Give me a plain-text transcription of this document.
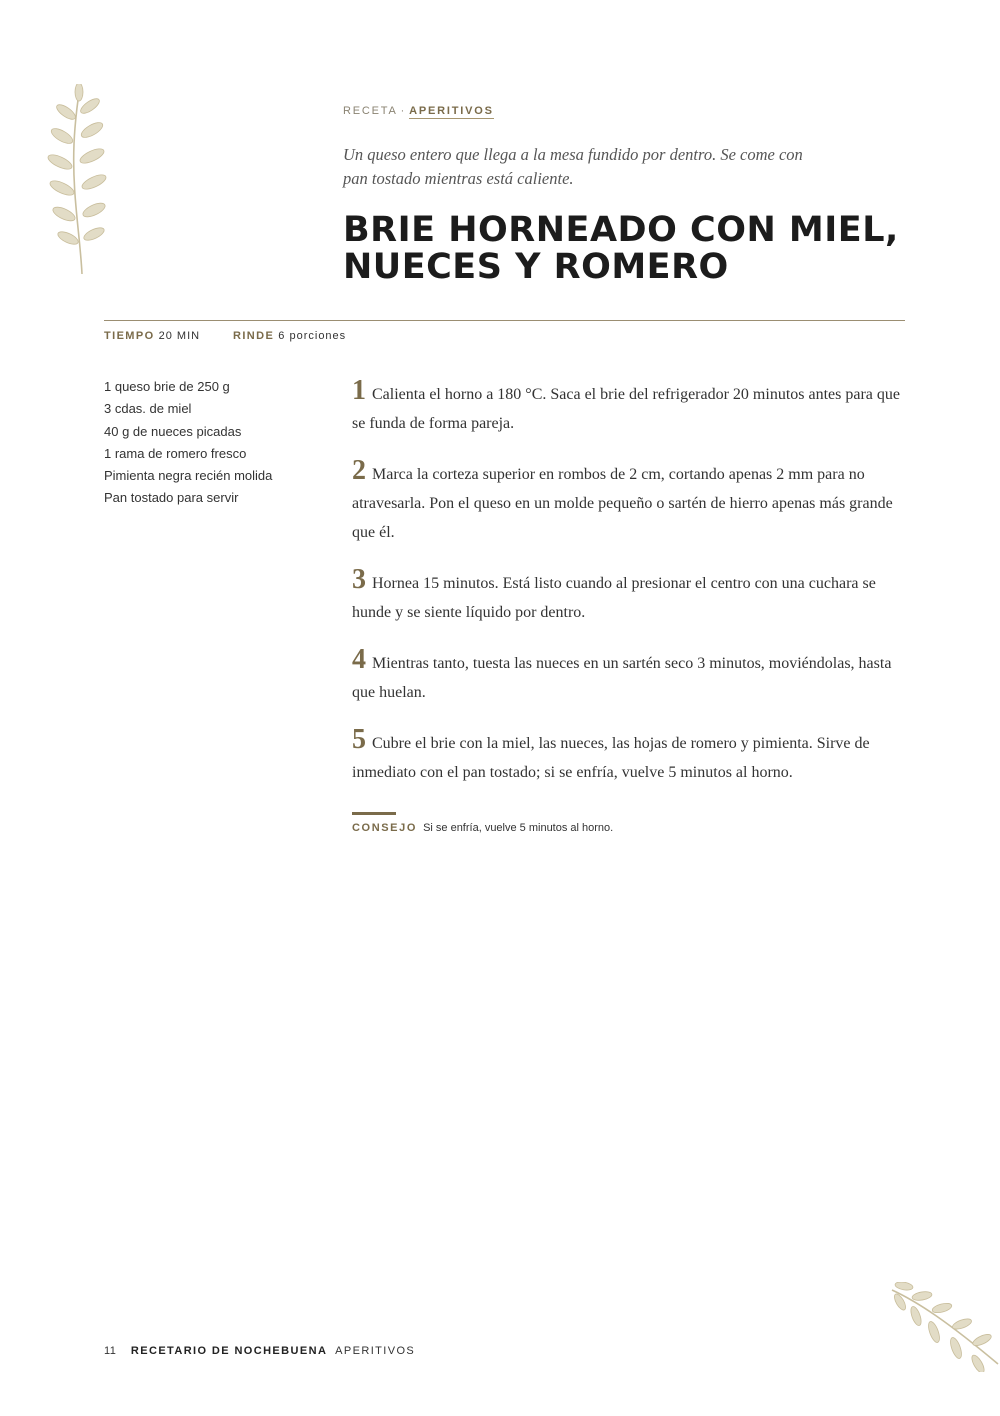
RECETA · APERITIVOS

Un queso entero que llega a la mesa fundido por dentro. Se come con pan tostado mientras está caliente.

BRIE HORNEADO CON MIEL, NUECES Y ROMERO
TIEMPO 20 MIN	RINDE 6 porciones
1 queso brie de 250 g
3 cdas. de miel
40 g de nueces picadas
1 rama de romero fresco
Pimienta negra recién molida
Pan tostado para servir
1 Calienta el horno a 180 °C. Saca el brie del refrigerador 20 minutos antes para que se funda de forma pareja.
2 Marca la corteza superior en rombos de 2 cm, cortando apenas 2 mm para no atravesarla. Pon el queso en un molde pequeño o sartén de hierro apenas más grande que él.
3 Hornea 15 minutos. Está listo cuando al presionar el centro con una cuchara se hunde y se siente líquido por dentro.
4 Mientras tanto, tuesta las nueces en un sartén seco 3 minutos, moviéndolas, hasta que huelan.
5 Cubre el brie con la miel, las nueces, las hojas de romero y pimienta. Sirve de inmediato con el pan tostado; si se enfría, vuelve 5 minutos al horno.
CONSEJO Si se enfría, vuelve 5 minutos al horno.
11 RECETARIO DE NOCHEBUENA APERITIVOS
